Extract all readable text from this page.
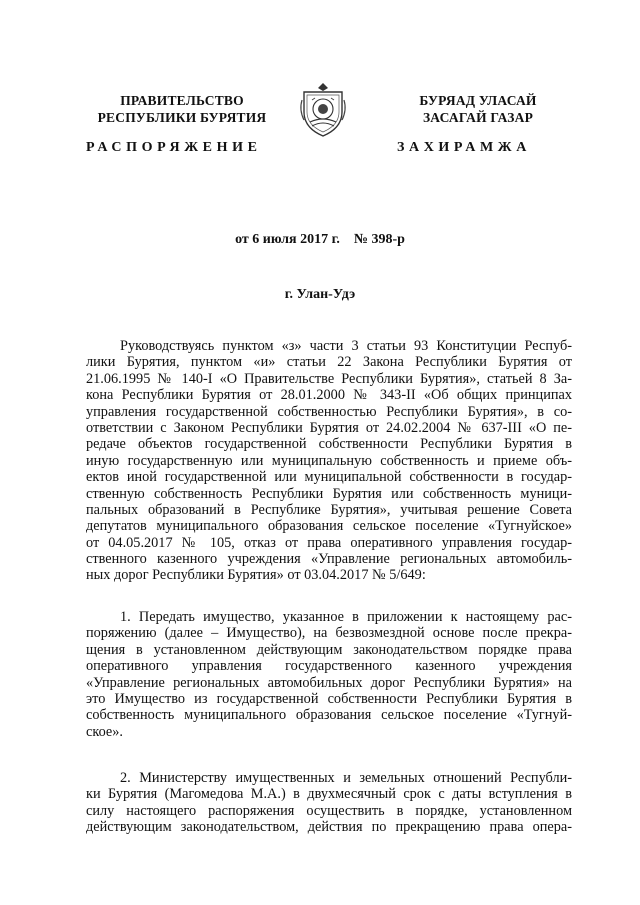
ПРАВИТЕЛЬСТВО
РЕСПУБЛИКИ БУРЯТИЯ
БУРЯАД УЛАСАЙ
ЗАСАГАЙ ГАЗАР
РАСПОРЯЖЕНИЕ	ЗАХИРАМЖА
от 6 июля 2017 г.    № 398-р
г. Улан-Удэ
Руководствуясь пунктом «з» части 3 статьи 93 Конституции Респуб-
лики Бурятия, пунктом «и» статьи 22 Закона Республики Бурятия от
21.06.1995 № 140-I «О Правительстве Республики Бурятия», статьей 8 За-
кона Республики Бурятия от 28.01.2000 № 343-II «Об общих принципах
управления государственной собственностью Республики Бурятия», в со-
ответствии с Законом Республики Бурятия от 24.02.2004 № 637-III «О пе-
редаче объектов государственной собственности Республики Бурятия в
иную государственную или муниципальную собственность и приеме объ-
ектов иной государственной или муниципальной собственности в государ-
ственную собственность Республики Бурятия или собственность муници-
пальных образований в Республике Бурятия», учитывая решение Совета
депутатов муниципального образования сельское поселение «Тугнуйское»
от 04.05.2017 № 105, отказ от права оперативного управления государ-
ственного казенного учреждения «Управление региональных автомобиль-
ных дорог Республики Бурятия» от 03.04.2017 № 5/649:
1. Передать имущество, указанное в приложении к настоящему рас-
поряжению (далее – Имущество), на безвозмездной основе после прекра-
щения в установленном действующим законодательством порядке права
оперативного управления государственного казенного учреждения
«Управление региональных автомобильных дорог Республики Бурятия» на
это Имущество из государственной собственности Республики Бурятия в
собственность муниципального образования сельское поселение «Тугнуй-
ское».
2. Министерству имущественных и земельных отношений Республи-
ки Бурятия (Магомедова М.А.) в двухмесячный срок с даты вступления в
силу настоящего распоряжения осуществить в порядке, установленном
действующим законодательством, действия по прекращению права опера-
